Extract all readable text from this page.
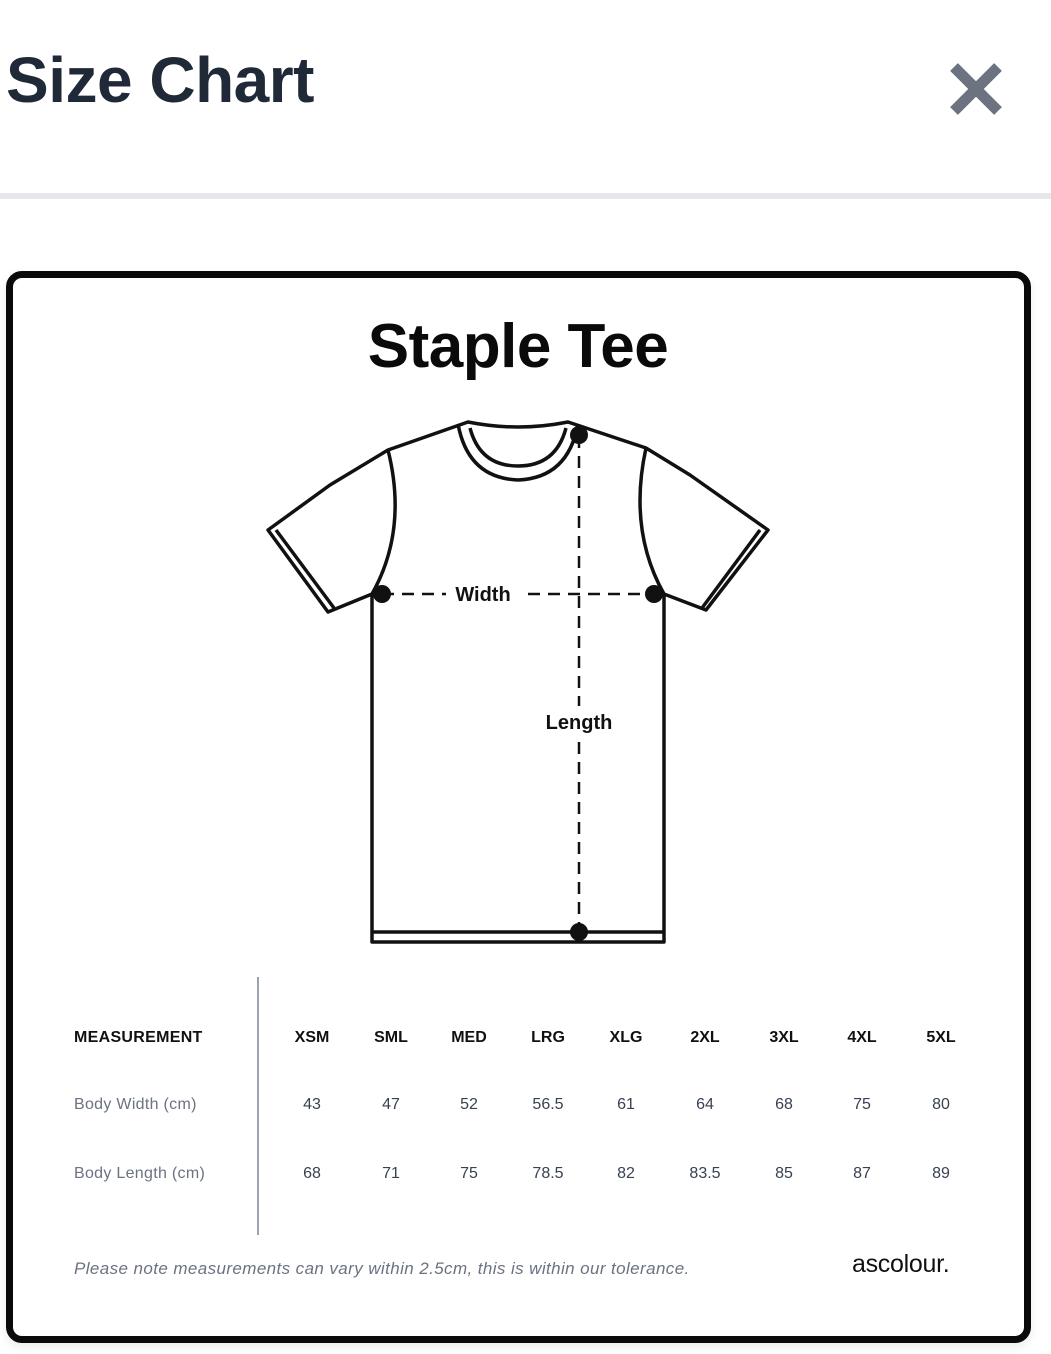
Size Chart
Staple Tee
Width
Length
MEASUREMENT	XSM	SML	MED	LRG	XLG	2XL	3XL	4XL	5XL
Body Width (cm)	43	47	52	56.5	61	64	68	75	80
Body Length (cm)	68	71	75	78.5	82	83.5	85	87	89
Please note measurements can vary within 2.5cm, this is within our tolerance.	ascolour.
